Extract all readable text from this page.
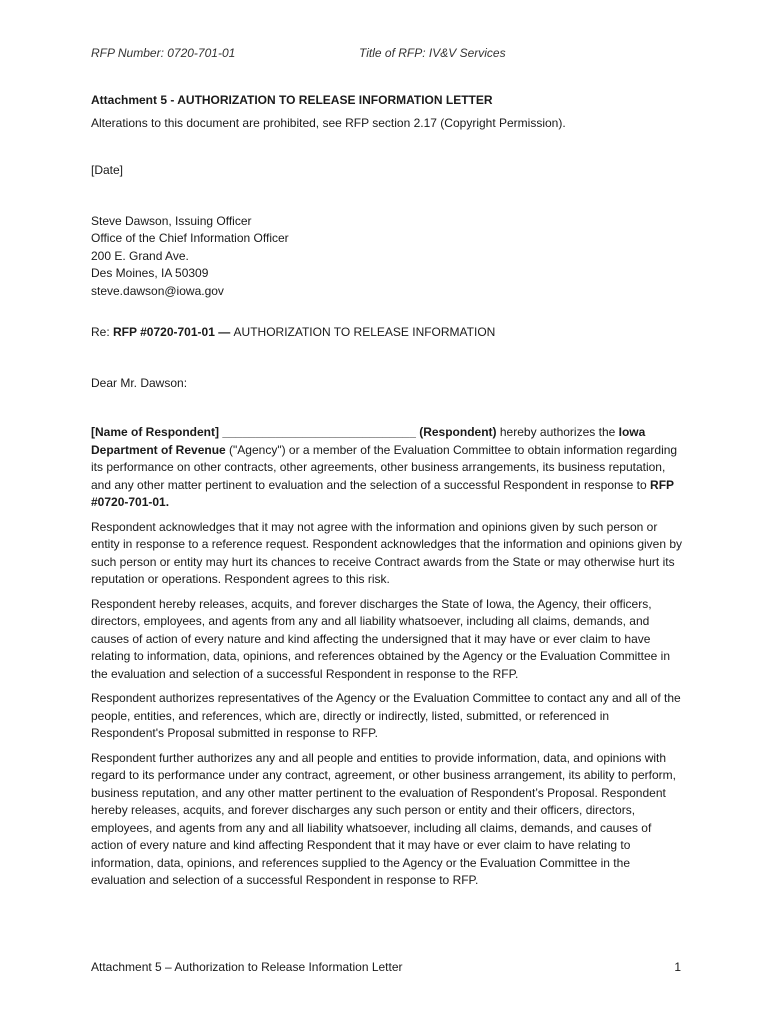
RFP Number: 0720-701-01	Title of RFP: IV&V Services

Attachment 5 - AUTHORIZATION TO RELEASE INFORMATION LETTER

Alterations to this document are prohibited, see RFP section 2.17 (Copyright Permission).

[Date]

Steve Dawson, Issuing Officer
Office of the Chief Information Officer
200 E. Grand Ave.
Des Moines, IA 50309
steve.dawson@iowa.gov

Re: RFP #0720-701-01 — AUTHORIZATION TO RELEASE INFORMATION

Dear Mr. Dawson:

[Name of Respondent] _____________________________ (Respondent) hereby authorizes the Iowa Department of Revenue ("Agency") or a member of the Evaluation Committee to obtain information regarding its performance on other contracts, other agreements, other business arrangements, its business reputation, and any other matter pertinent to evaluation and the selection of a successful Respondent in response to RFP #0720-701-01.

Respondent acknowledges that it may not agree with the information and opinions given by such person or entity in response to a reference request. Respondent acknowledges that the information and opinions given by such person or entity may hurt its chances to receive Contract awards from the State or may otherwise hurt its reputation or operations. Respondent agrees to this risk.

Respondent hereby releases, acquits, and forever discharges the State of Iowa, the Agency, their officers, directors, employees, and agents from any and all liability whatsoever, including all claims, demands, and causes of action of every nature and kind affecting the undersigned that it may have or ever claim to have relating to information, data, opinions, and references obtained by the Agency or the Evaluation Committee in the evaluation and selection of a successful Respondent in response to the RFP.

Respondent authorizes representatives of the Agency or the Evaluation Committee to contact any and all of the people, entities, and references, which are, directly or indirectly, listed, submitted, or referenced in Respondent's Proposal submitted in response to RFP.

Respondent further authorizes any and all people and entities to provide information, data, and opinions with regard to its performance under any contract, agreement, or other business arrangement, its ability to perform, business reputation, and any other matter pertinent to the evaluation of Respondent’s Proposal. Respondent hereby releases, acquits, and forever discharges any such person or entity and their officers, directors, employees, and agents from any and all liability whatsoever, including all claims, demands, and causes of action of every nature and kind affecting Respondent that it may have or ever claim to have relating to information, data, opinions, and references supplied to the Agency or the Evaluation Committee in the evaluation and selection of a successful Respondent in response to RFP.

Attachment 5 – Authorization to Release Information Letter	1
